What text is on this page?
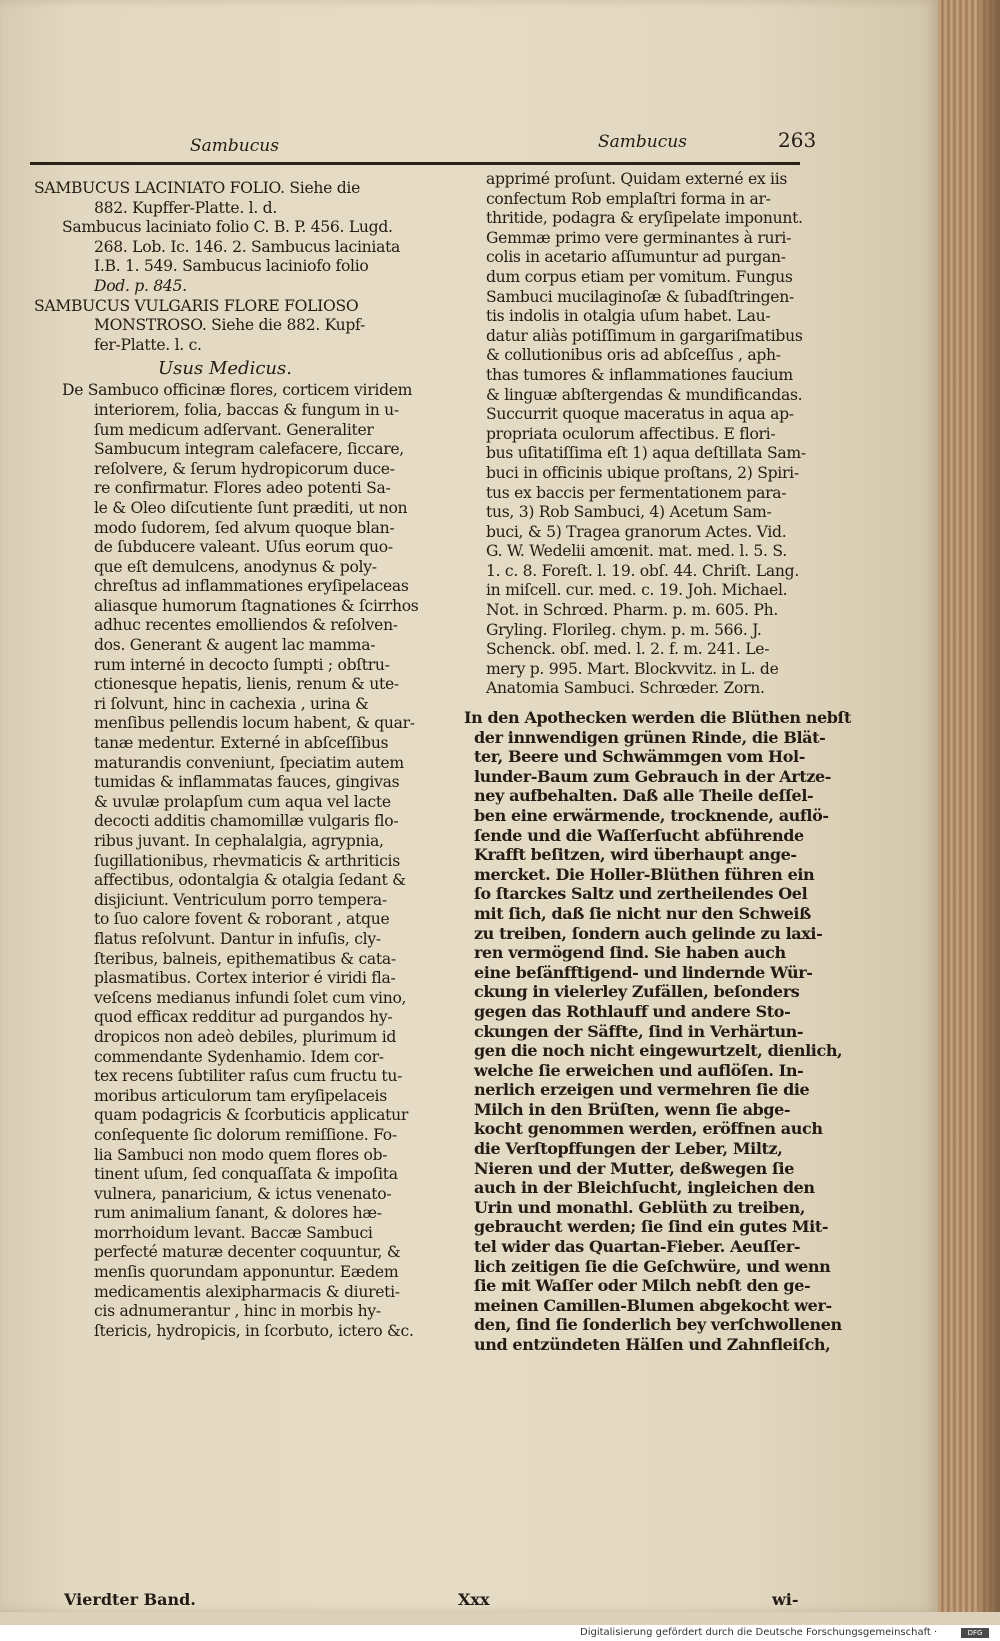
Sambucus	Sambucus	263
SAMBUCUS LACINIATO FOLIO. Siehe die
882. Kupffer-Platte. l. d.
Sambucus laciniato folio C. B. P. 456. Lugd.
268. Lob. Ic. 146. 2. Sambucus laciniata
I.B. 1. 549. Sambucus laciniofo folio
Dod. p. 845.
SAMBUCUS VULGARIS FLORE FOLIOSO
MONSTROSO. Siehe die 882. Kupf-
fer-Platte. l. c.
Usus Medicus.
De Sambuco officinæ flores, corticem viridem
interiorem, folia, baccas & fungum in u-
ſum medicum adſervant. Generaliter
Sambucum integram calefacere, ſiccare,
reſolvere, & ſerum hydropicorum duce-
re confirmatur. Flores adeo potenti Sa-
le & Oleo diſcutiente ſunt præditi, ut non
modo ſudorem, ſed alvum quoque blan-
de ſubducere valeant. Uſus eorum quo-
que eſt demulcens, anodynus & poly-
chreſtus ad inflammationes eryſipelaceas
aliasque humorum ſtagnationes & ſcirrhos
adhuc recentes emolliendos & reſolven-
dos. Generant & augent lac mamma-
rum interné in decocto ſumpti ; obſtru-
ctionesque hepatis, lienis, renum & ute-
ri ſolvunt, hinc in cachexia , urina &
menſibus pellendis locum habent, & quar-
tanæ medentur. Externé in abſceſſibus
maturandis conveniunt, ſpeciatim autem
tumidas & inflammatas fauces, gingivas
& uvulæ prolapſum cum aqua vel lacte
decocti additis chamomillæ vulgaris flo-
ribus juvant. In cephalalgia, agrypnia,
ſugillationibus, rhevmaticis & arthriticis
affectibus, odontalgia & otalgia ſedant &
disjiciunt. Ventriculum porro tempera-
to ſuo calore fovent & roborant , atque
flatus reſolvunt. Dantur in infuſis, cly-
ſteribus, balneis, epithematibus & cata-
plasmatibus. Cortex interior é viridi fla-
veſcens medianus infundi ſolet cum vino,
quod efficax redditur ad purgandos hy-
dropicos non adeò debiles, plurimum id
commendante Sydenhamio. Idem cor-
tex recens ſubtiliter raſus cum fructu tu-
moribus articulorum tam eryſipelaceis
quam podagricis & ſcorbuticis applicatur
conſequente ſic dolorum remiſſione. Fo-
lia Sambuci non modo quem flores ob-
tinent uſum, ſed conquaſſata & impoſita
vulnera, panaricium, & ictus venenato-
rum animalium ſanant, & dolores hæ-
morrhoidum levant. Baccæ Sambuci
perfecté maturæ decenter coquuntur, &
menſis quorundam apponuntur. Eædem
medicamentis alexipharmacis & diureti-
cis adnumerantur , hinc in morbis hy-
ſtericis, hydropicis, in ſcorbuto, ictero &c.
Vierdter Band.	Xxx
apprimé proſunt. Quidam externé ex iis
confectum Rob emplaſtri forma in ar-
thritide, podagra & eryſipelate imponunt.
Gemmæ primo vere germinantes à ruri-
colis in acetario aſſumuntur ad purgan-
dum corpus etiam per vomitum. Fungus
Sambuci mucilaginoſæ & ſubadſtringen-
tis indolis in otalgia uſum habet. Lau-
datur aliàs potiſſimum in gargariſmatibus
& collutionibus oris ad abſceſſus , aph-
thas tumores & inflammationes faucium
& linguæ abſtergendas & mundificandas.
Succurrit quoque maceratus in aqua ap-
propriata oculorum affectibus. E flori-
bus uſitatiſſima eſt 1) aqua deſtillata Sam-
buci in officinis ubique proſtans, 2) Spiri-
tus ex baccis per fermentationem para-
tus, 3) Rob Sambuci, 4) Acetum Sam-
buci, & 5) Tragea granorum Actes. Vid.
G. W. Wedelii amœnit. mat. med. l. 5. S.
1. c. 8. Foreſt. l. 19. obſ. 44. Chriſt. Lang.
in miſcell. cur. med. c. 19. Joh. Michael.
Not. in Schrœd. Pharm. p. m. 605. Ph.
Gryling. Florileg. chym. p. m. 566. J.
Schenck. obſ. med. l. 2. f. m. 241. Le-
mery p. 995. Mart. Blockvvitz. in L. de
Anatomia Sambuci. Schrœder. Zorn.
In den Apothecken werden die Blüthen nebſt
der innwendigen grünen Rinde, die Blät-
ter, Beere und Schwämmgen vom Hol-
lunder-Baum zum Gebrauch in der Artze-
ney aufbehalten. Daß alle Theile deſſel-
ben eine erwärmende, trocknende, auflö-
ſende und die Waſſerſucht abführende
Krafft beſitzen, wird überhaupt ange-
mercket. Die Holler-Blüthen führen ein
ſo ſtarckes Saltz und zertheilendes Oel
mit ſich, daß ſie nicht nur den Schweiß
zu treiben, ſondern auch gelinde zu laxi-
ren vermögend ſind. Sie haben auch
eine beſänfftigend- und lindernde Wür-
ckung in vielerley Zufällen, beſonders
gegen das Rothlauff und andere Sto-
ckungen der Säffte, ſind in Verhärtun-
gen die noch nicht eingewurtzelt, dienlich,
welche ſie erweichen und auflöſen. In-
nerlich erzeigen und vermehren ſie die
Milch in den Brüſten, wenn ſie abge-
kocht genommen werden, eröffnen auch
die Verſtopffungen der Leber, Miltz,
Nieren und der Mutter, deßwegen ſie
auch in der Bleichſucht, ingleichen den
Urin und monathl. Geblüth zu treiben,
gebraucht werden; ſie ſind ein gutes Mit-
tel wider das Quartan-Fieber. Aeuſſer-
lich zeitigen ſie die Geſchwüre, und wenn
ſie mit Waſſer oder Milch nebſt den ge-
meinen Camillen-Blumen abgekocht wer-
den, ſind ſie ſonderlich bey verſchwollenen
und entzündeten Hälſen und Zahnfleiſch,
wi-
Digitalisierung gefördert durch die Deutsche Forschungsgemeinschaft ·	DFG
